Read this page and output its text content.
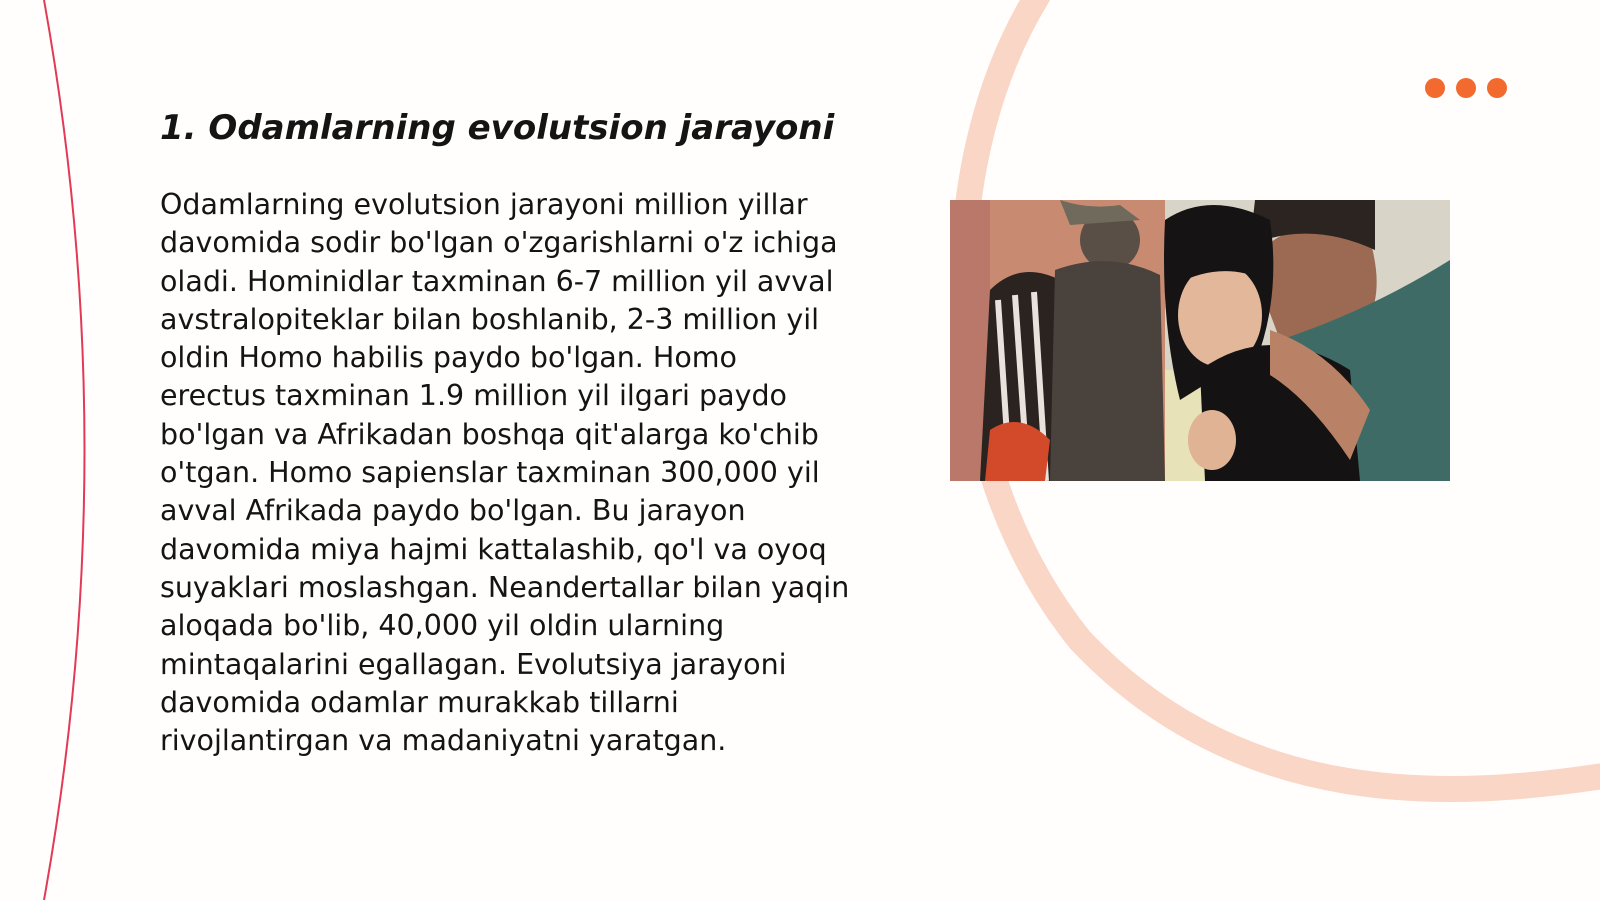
1. Odamlarning evolutsion jarayoni

Odamlarning evolutsion jarayoni million yillar davomida sodir bo'lgan o'zgarishlarni o'z ichiga oladi. Hominidlar taxminan 6-7 million yil avval avstralopiteklar bilan boshlanib, 2-3 million yil oldin Homo habilis paydo bo'lgan. Homo erectus taxminan 1.9 million yil ilgari paydo bo'lgan va Afrikadan boshqa qit'alarga ko'chib o'tgan. Homo sapienslar taxminan 300,000 yil avval Afrikada paydo bo'lgan. Bu jarayon davomida miya hajmi kattalashib, qo'l va oyoq suyaklari moslashgan. Neandertallar bilan yaqin aloqada bo'lib, 40,000 yil oldin ularning mintaqalarini egallagan. Evolutsiya jarayoni davomida odamlar murakkab tillarni rivojlantirgan va madaniyatni yaratgan.
